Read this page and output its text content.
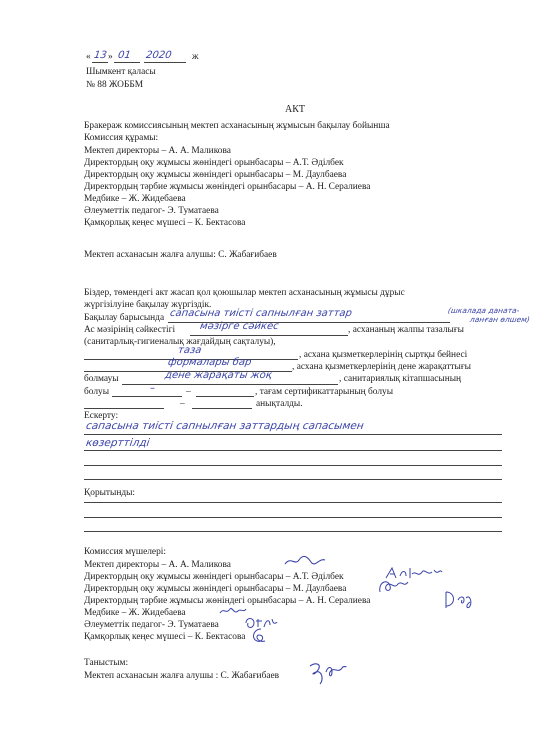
« 13 » 01 2020 ж
Шымкент қаласы
№ 88 ЖОББМ
АКТ
Бракераж комиссиясының мектеп асханасының жұмысын бақылау бойынша
Комиссия құрамы:
Мектеп директоры – А. А. Маликова
Директордың оқу жұмысы жөніндегі орынбасары – А.Т. Әділбек
Директордың оқу жұмысы жөніндегі орынбасары – М. Даулбаева
Директордың тәрбие жұмысы жөніндегі орынбасары – А. Н. Сералиева
Медбике – Ж. Жидебаева
Әлеуметтік педагог- Э. Туматаева
Қамқорлық кеңес мүшесі – К. Бектасова
Мектеп асханасын жалға алушы: С. Жабағибаев
Біздер, төмендегі акт жасап қол қоюшылар мектеп асханасының жұмысы дұрыс
жүргізілуіне бақылау жүргіздік.
Бақылау барысында сапасына тиісті сапнылған заттар	(шкалада даната-
ланған өлшем)
Ас мәзірінің сәйкестігі мәзірге сәйкес	, асхананың жалпы тазалығы
(санитарлық-гигиеналық жағдайдың сақталуы),
таза	, асхана қызметкерлерінің сыртқы бейнесі
формалары бар	, асхана қызметкерлерінің дене жарақаттығы
болмауы	дене жарақаты жоқ	, санитариялық кітапшасының
болуы	–	–	, тағам сертификаттарының болуы
–	анықталды.
Ескерту:
сапасына тиісті сапнылған заттардың сапасымен
көзерттілді
Қорытынды:
Комиссия мүшелері:
Мектеп директоры – А. А. Маликова
Директордың оқу жұмысы жөніндегі орынбасары – А.Т. Әділбек
Директордың оқу жұмысы жөніндегі орынбасары – М. Даулбаева
Директордың тәрбие жұмысы жөніндегі орынбасары – А. Н. Сералиева
Медбике – Ж. Жидебаева
Әлеуметтік педагог- Э. Туматаева
Қамқорлық кеңес мүшесі – К. Бектасова
Таныстым:
Мектеп асханасын жалға алушы : С. Жабағибаев
